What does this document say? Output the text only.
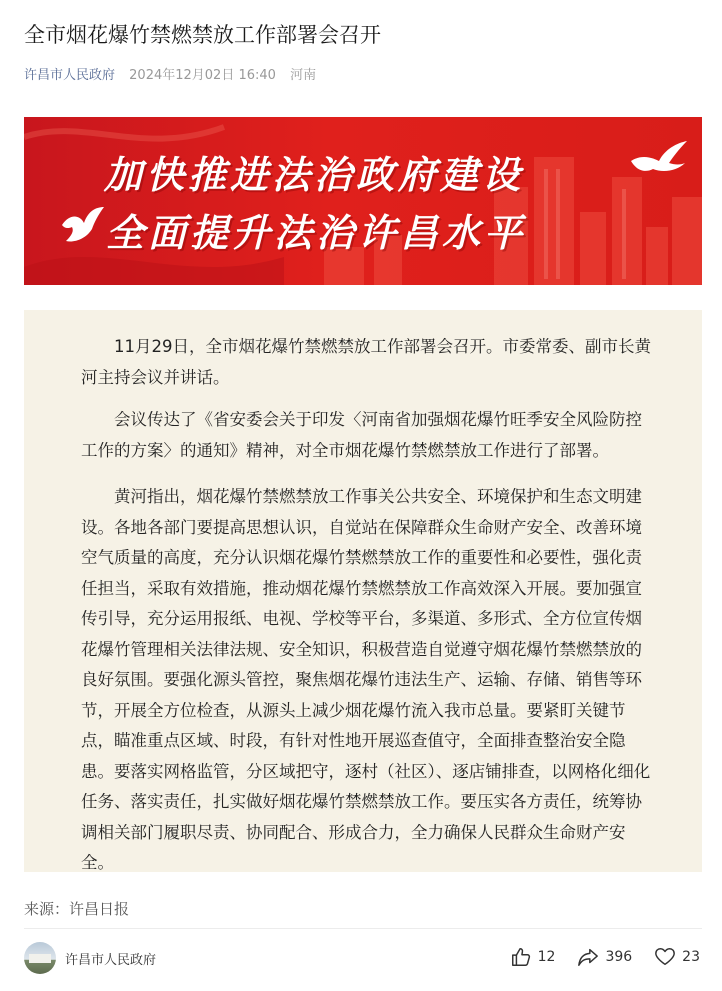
全市烟花爆竹禁燃禁放工作部署会召开
许昌市人民政府 2024年12月02日 16:40 河南
加快推进法治政府建设
全面提升法治许昌水平

11月29日，全市烟花爆竹禁燃禁放工作部署会召开。市委常委、副市长黄河主持会议并讲话。

会议传达了《省安委会关于印发〈河南省加强烟花爆竹旺季安全风险防控工作的方案〉的通知》精神，对全市烟花爆竹禁燃禁放工作进行了部署。

黄河指出，烟花爆竹禁燃禁放工作事关公共安全、环境保护和生态文明建设。各地各部门要提高思想认识，自觉站在保障群众生命财产安全、改善环境空气质量的高度，充分认识烟花爆竹禁燃禁放工作的重要性和必要性，强化责任担当，采取有效措施，推动烟花爆竹禁燃禁放工作高效深入开展。要加强宣传引导，充分运用报纸、电视、学校等平台，多渠道、多形式、全方位宣传烟花爆竹管理相关法律法规、安全知识，积极营造自觉遵守烟花爆竹禁燃禁放的良好氛围。要强化源头管控，聚焦烟花爆竹违法生产、运输、存储、销售等环节，开展全方位检查，从源头上减少烟花爆竹流入我市总量。要紧盯关键节点，瞄准重点区域、时段，有针对性地开展巡查值守，全面排查整治安全隐患。要落实网格监管，分区域把守，逐村（社区）、逐店铺排查，以网格化细化任务、落实责任，扎实做好烟花爆竹禁燃禁放工作。要压实各方责任，统筹协调相关部门履职尽责、协同配合、形成合力，全力确保人民群众生命财产安全。

来源：许昌日报
许昌市人民政府	12	396	23
